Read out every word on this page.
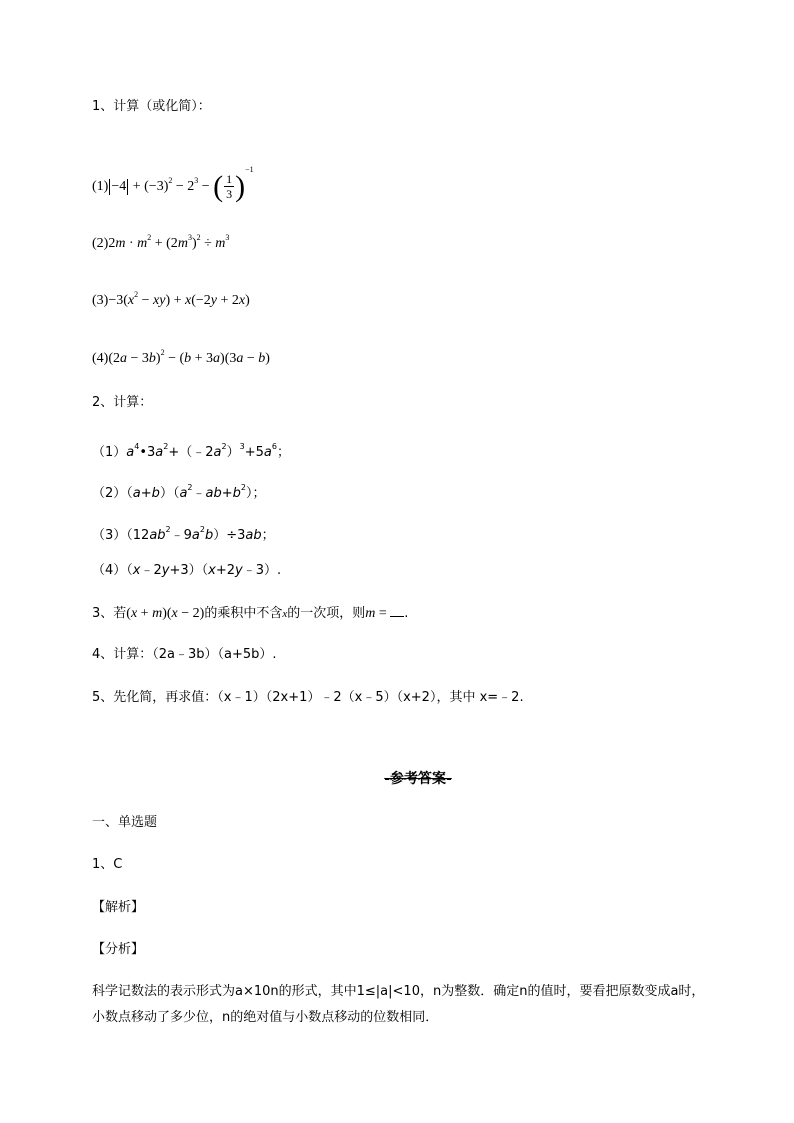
1、计算（或化简）：
$(1) -4 + (-3)^2 - 2^3$ − ( $\frac{1}{3} )^{-1}$
$(2)2m \cdot m^2 + (2m^3)^2 \div m^3$
$(3)-3(x^2 - xy) + x(-2y + 2x)$
$(4)(2a - 3b)^2 - (b + 3a)(3a - b)$
2、计算：
$(1)a^4•3a^2+(﹣2a^2)^3+5a^6$；
$(2)(a+b)(a^2﹣ab+b^2)$；
$(3)(12ab^2﹣9a^2b)\div 3ab$；
（4）（x﹣2y+3）（x+2y﹣3）.
3、若(x + m)(x − 2)的乘积中不含x的一次项，则m = .
4、计算：（2a﹣3b）（a+5b）.
5、先化简，再求值：（x﹣1）（2x+1）﹣2（x﹣5）（x+2），其中 x=﹣2.
-参考答案-
一、单选题
1、C
【解析】
【分析】
科学记数法的表示形式为a×10n的形式，其中1≤|a|<10，n为整数．确定n的值时，要看把原数变成a时，小数点移动了多少位，n的绝对值与小数点移动的位数相同．
